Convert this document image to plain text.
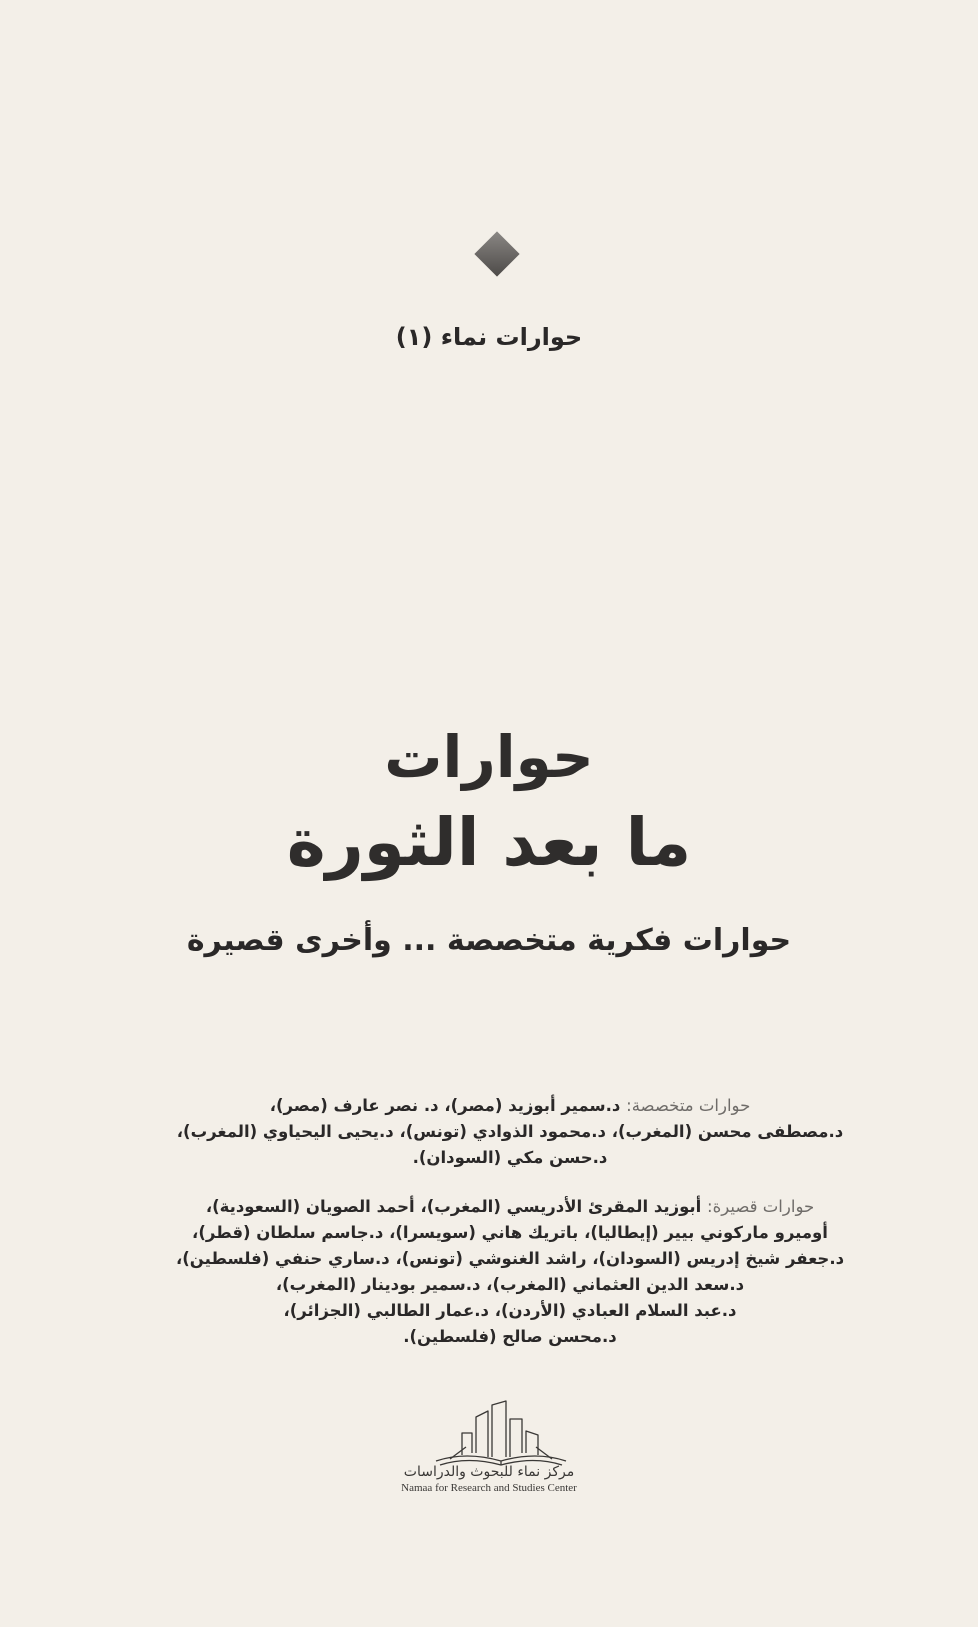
حوارات نماء (١)
حوارات
ما بعد الثورة
حوارات فكرية متخصصة ... وأخرى قصيرة
حوارات متخصصة: د.سمير أبوزيد (مصر)، د. نصر عارف (مصر)،
د.مصطفى محسن (المغرب)، د.محمود الذوادي (تونس)، د.يحيى اليحياوي (المغرب)،
د.حسن مكي (السودان).
حوارات قصيرة: أبوزيد المقرئ الأدريسي (المغرب)، أحمد الصويان (السعودية)،
أوميرو ماركوني بيير (إيطاليا)، باتريك هاني (سويسرا)، د.جاسم سلطان (قطر)،
د.جعفر شيخ إدريس (السودان)، راشد الغنوشي (تونس)، د.ساري حنفي (فلسطين)،
د.سعد الدين العثماني (المغرب)، د.سمير بودينار (المغرب)،
د.عبد السلام العبادي (الأردن)، د.عمار الطالبي (الجزائر)،
د.محسن صالح (فلسطين).
مركز نماء للبحوث والدراسات
Namaa for Research and Studies Center
